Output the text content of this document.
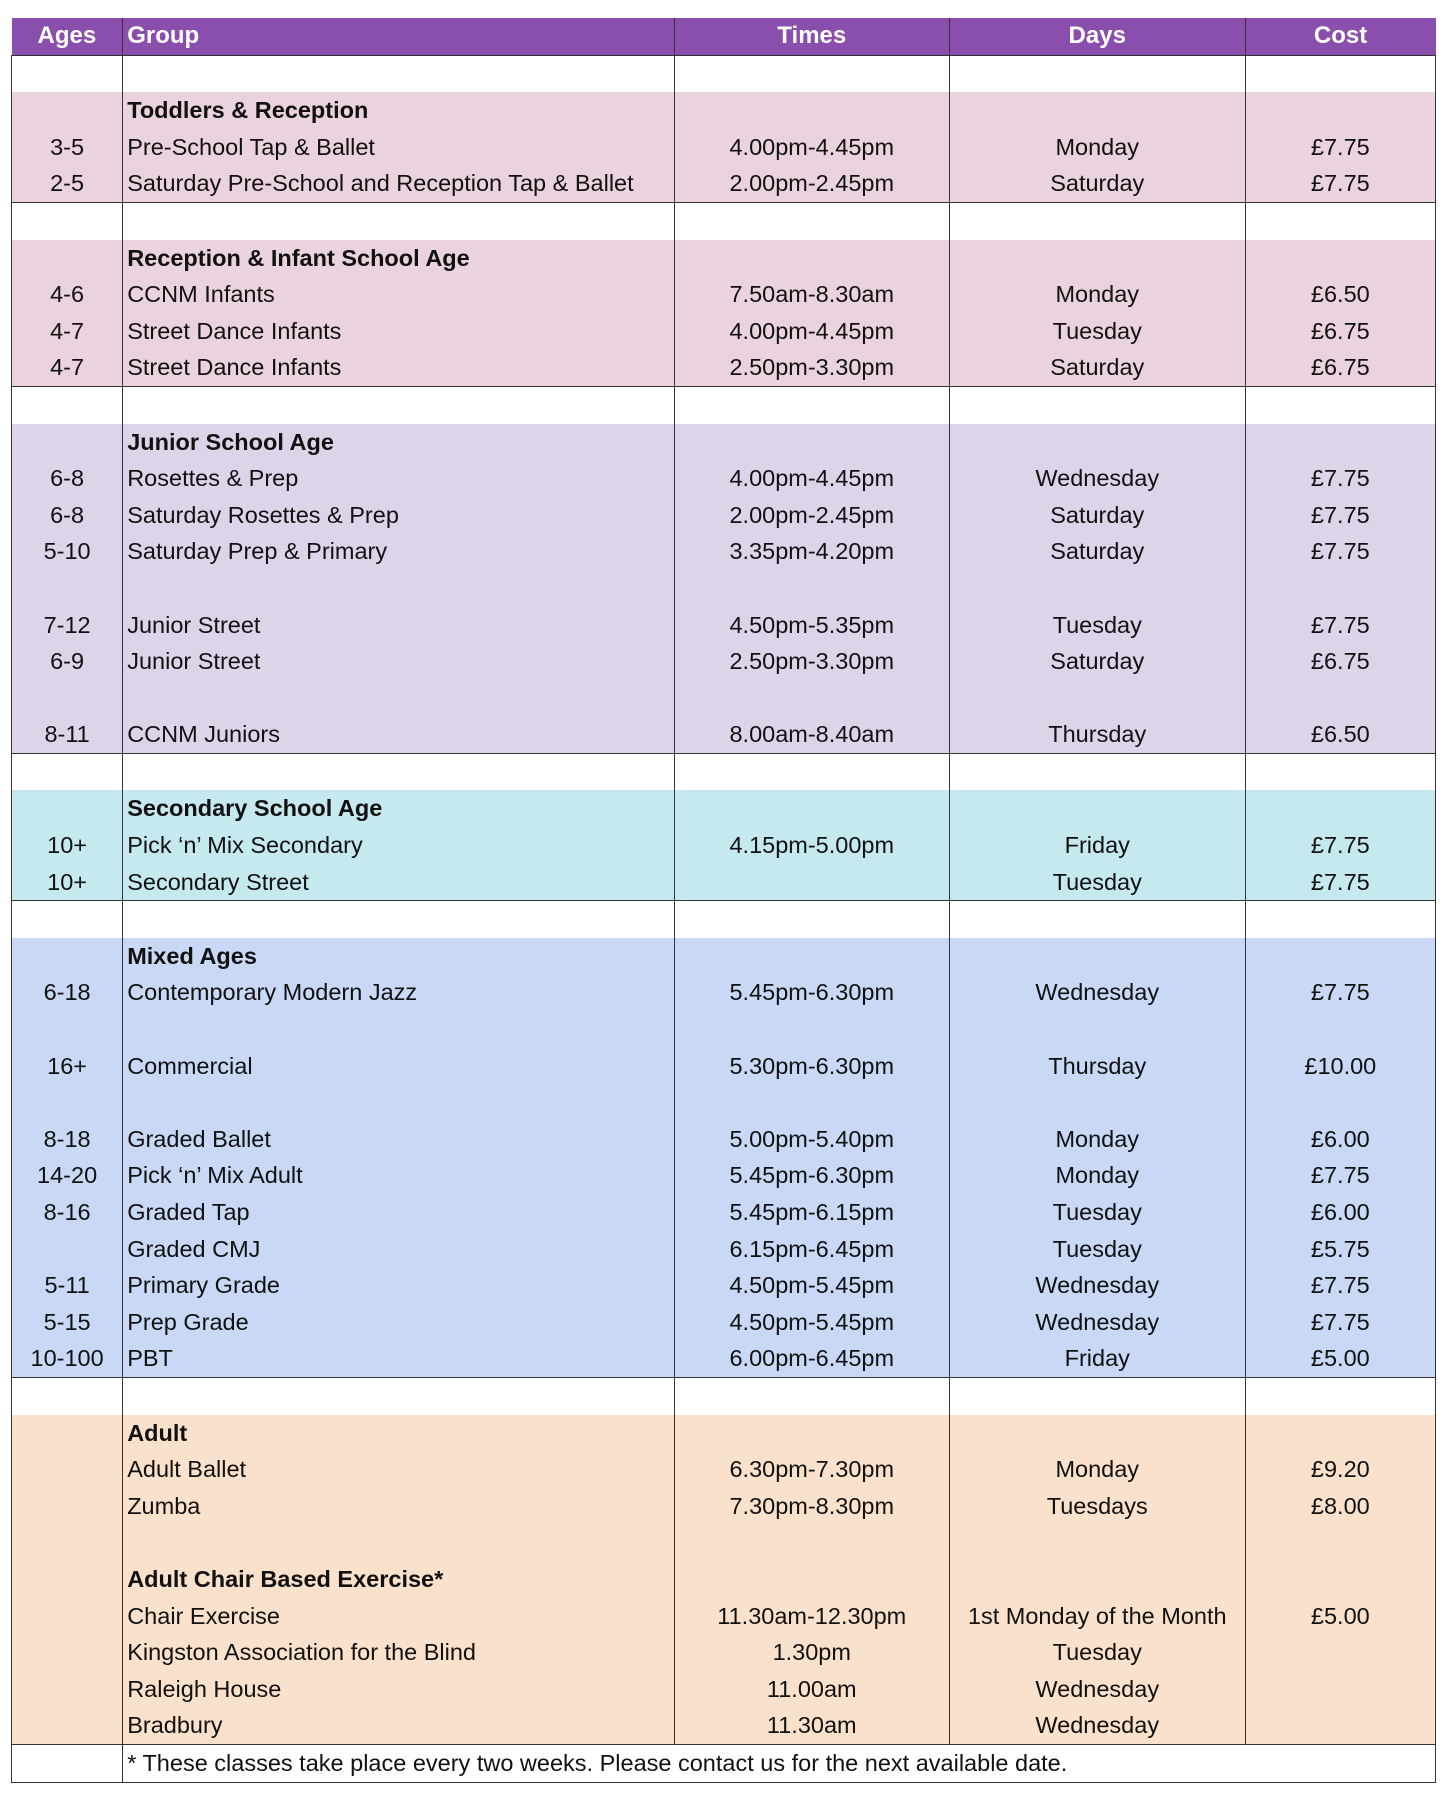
Ages	Group	Times	Days	Cost

	Toddlers & Reception			
3-5	Pre-School Tap & Ballet	4.00pm-4.45pm	Monday	£7.75
2-5	Saturday Pre-School and Reception Tap & Ballet	2.00pm-2.45pm	Saturday	£7.75

	Reception & Infant School Age			
4-6	CCNM Infants	7.50am-8.30am	Monday	£6.50
4-7	Street Dance Infants	4.00pm-4.45pm	Tuesday	£6.75
4-7	Street Dance Infants	2.50pm-3.30pm	Saturday	£6.75

	Junior School Age			
6-8	Rosettes & Prep	4.00pm-4.45pm	Wednesday	£7.75
6-8	Saturday Rosettes & Prep	2.00pm-2.45pm	Saturday	£7.75
5-10	Saturday Prep & Primary	3.35pm-4.20pm	Saturday	£7.75

7-12	Junior Street	4.50pm-5.35pm	Tuesday	£7.75
6-9	Junior Street	2.50pm-3.30pm	Saturday	£6.75

8-11	CCNM Juniors	8.00am-8.40am	Thursday	£6.50

	Secondary School Age			
10+	Pick ‘n’ Mix Secondary	4.15pm-5.00pm	Friday	£7.75
10+	Secondary Street		Tuesday	£7.75

	Mixed Ages			
6-18	Contemporary Modern Jazz	5.45pm-6.30pm	Wednesday	£7.75

16+	Commercial	5.30pm-6.30pm	Thursday	£10.00

8-18	Graded Ballet	5.00pm-5.40pm	Monday	£6.00
14-20	Pick ‘n’ Mix Adult	5.45pm-6.30pm	Monday	£7.75
8-16	Graded Tap	5.45pm-6.15pm	Tuesday	£6.00
	Graded CMJ	6.15pm-6.45pm	Tuesday	£5.75
5-11	Primary Grade	4.50pm-5.45pm	Wednesday	£7.75
5-15	Prep Grade	4.50pm-5.45pm	Wednesday	£7.75
10-100	PBT	6.00pm-6.45pm	Friday	£5.00

	Adult			
	Adult Ballet	6.30pm-7.30pm	Monday	£9.20
	Zumba	7.30pm-8.30pm	Tuesdays	£8.00

	Adult Chair Based Exercise*			
	Chair Exercise	11.30am-12.30pm	1st Monday of the Month	£5.00
	Kingston Association for the Blind	1.30pm	Tuesday	
	Raleigh House	11.00am	Wednesday	
	Bradbury	11.30am	Wednesday	
	* These classes take place every two weeks. Please contact us for the next available date.			
